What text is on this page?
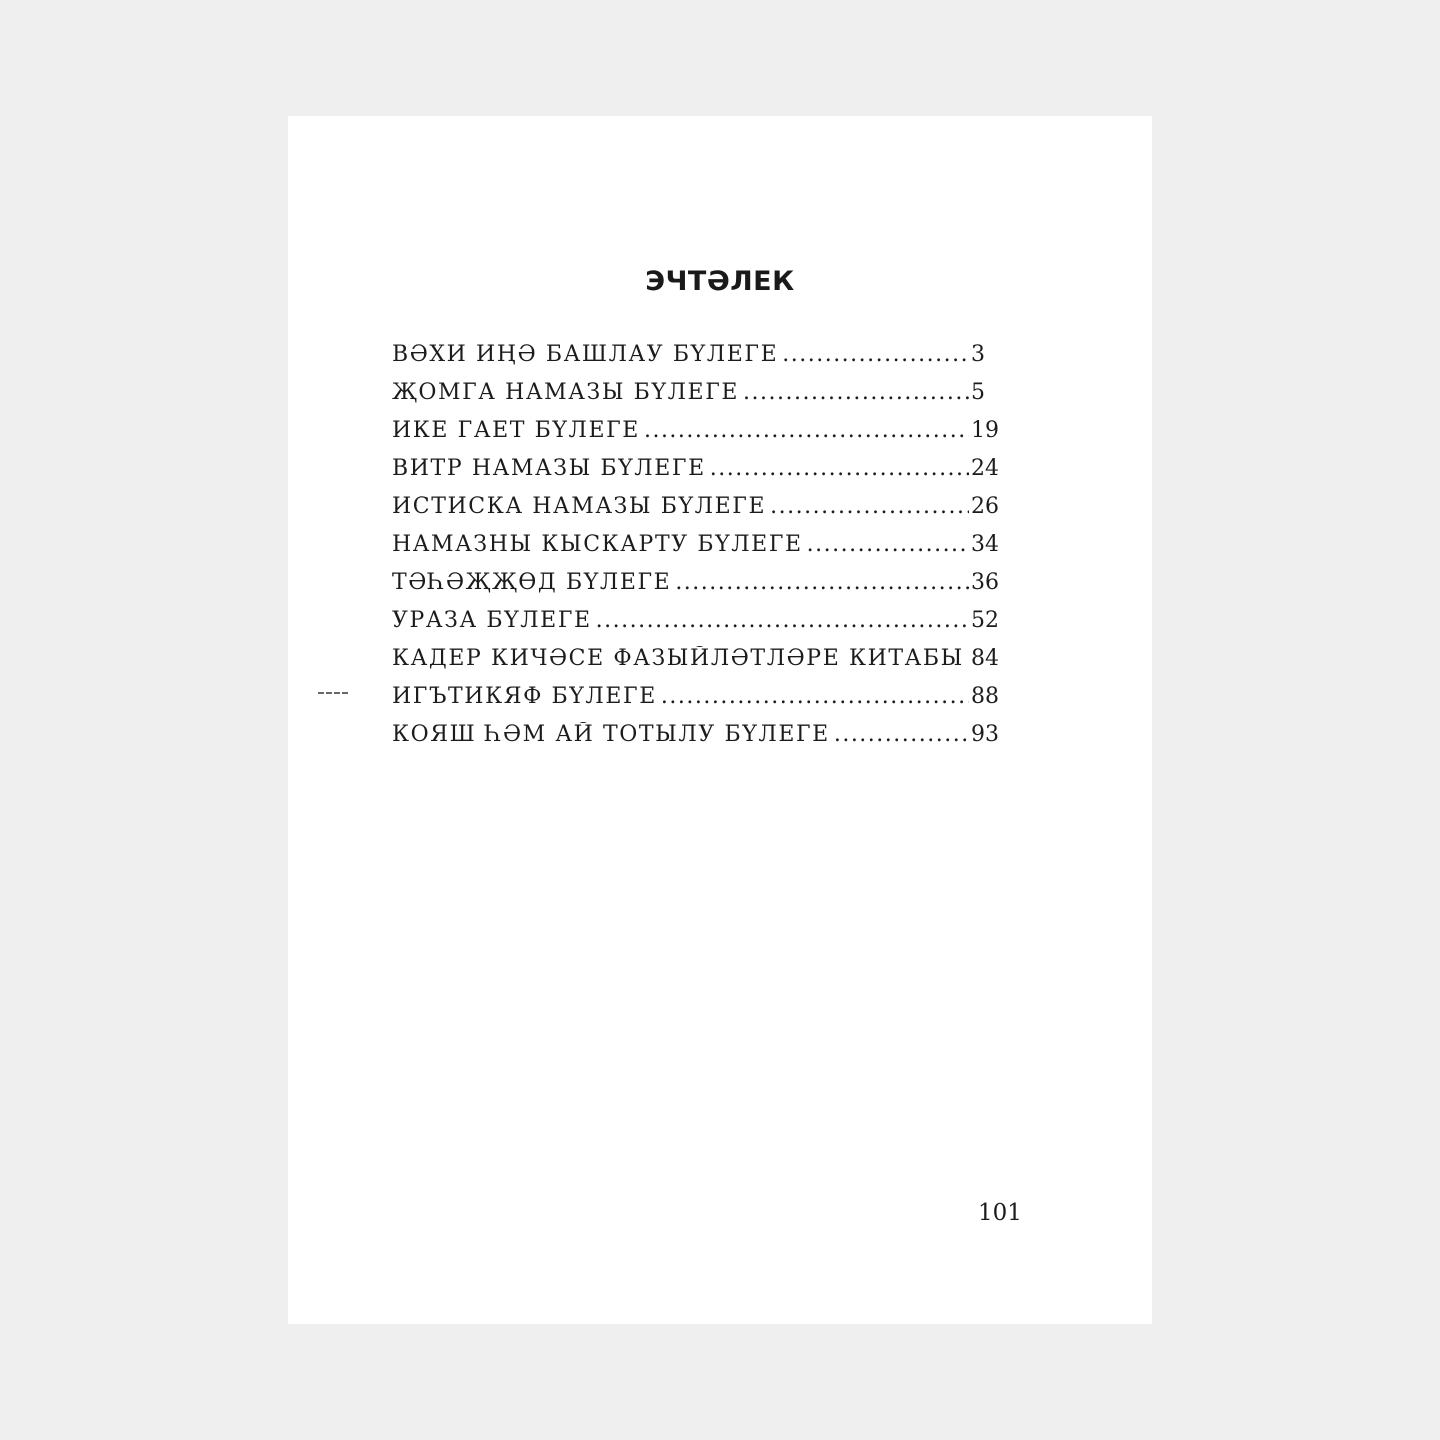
ЭЧТӘЛЕК
ВӘХИ ИҢӘ БАШЛАУ БҮЛЕГЕ .....	3
ҖОМГА НАМАЗЫ БҮЛЕГЕ .....	5
ИКЕ ГАЕТ БҮЛЕГЕ .....	19
ВИТР НАМАЗЫ БҮЛЕГЕ .....	24
ИСТИСКА НАМАЗЫ БҮЛЕГЕ .....	26
НАМАЗНЫ КЫСКАРТУ БҮЛЕГЕ .....	34
ТӘҺӘҖҖӨД БҮЛЕГЕ .....	36
УРАЗА БҮЛЕГЕ .....	52
КАДЕР КИЧӘСЕ ФАЗЫЙЛӘТЛӘРЕ КИТАБЫ ..... 84
ИГЪТИКЯФ БҮЛЕГЕ .....	88
КОЯШ ҺӘМ АЙ ТОТЫЛУ БҮЛЕГЕ .....	93
101
